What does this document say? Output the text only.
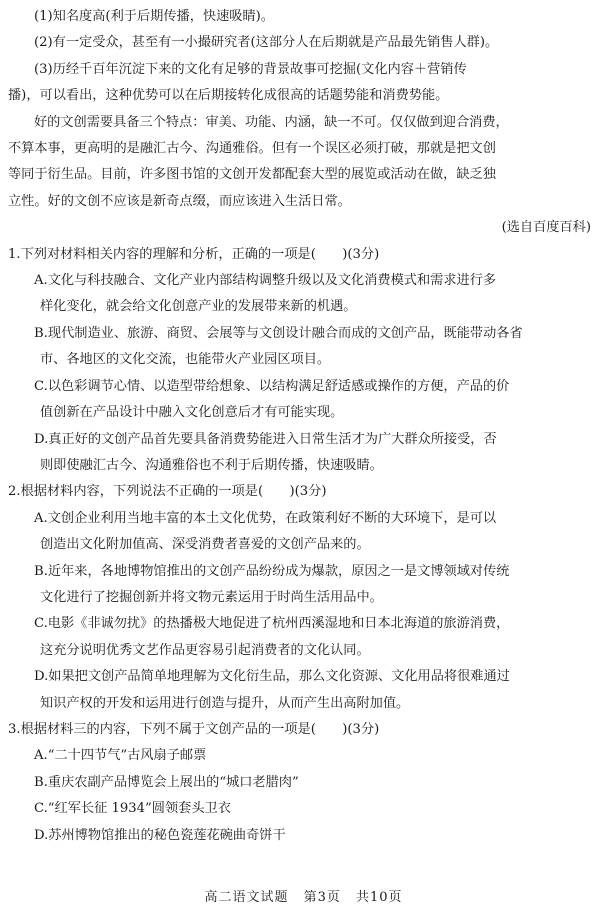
(1)知名度高(利于后期传播，快速吸睛)。
(2)有一定受众，甚至有一小撮研究者(这部分人在后期就是产品最先销售人群)。
(3)历经千百年沉淀下来的文化有足够的背景故事可挖掘(文化内容＋营销传
播)，可以看出，这种优势可以在后期接转化成很高的话题势能和消费势能。
好的文创需要具备三个特点：审美、功能、内涵，缺一不可。仅仅做到迎合消费，
不算本事，更高明的是融汇古今、沟通雅俗。但有一个误区必须打破，那就是把文创
等同于衍生品。目前，许多图书馆的文创开发都配套大型的展览或活动在做，缺乏独
立性。好的文创不应该是新奇点缀，而应该进入生活日常。
(选自百度百科)
1.下列对材料相关内容的理解和分析，正确的一项是(　　)(3分)
A.文化与科技融合、文化产业内部结构调整升级以及文化消费模式和需求进行多
样化变化，就会给文化创意产业的发展带来新的机遇。
B.现代制造业、旅游、商贸、会展等与文创设计融合而成的文创产品，既能带动各省
市、各地区的文化交流，也能带火产业园区项目。
C.以色彩调节心情、以造型带给想象、以结构满足舒适感或操作的方便，产品的价
值创新在产品设计中融入文化创意后才有可能实现。
D.真正好的文创产品首先要具备消费势能进入日常生活才为广大群众所接受，否
则即使融汇古今、沟通雅俗也不利于后期传播，快速吸睛。
2.根据材料内容，下列说法不正确的一项是(　　)(3分)
A.文创企业利用当地丰富的本土文化优势，在政策利好不断的大环境下，是可以
创造出文化附加值高、深受消费者喜爱的文创产品来的。
B.近年来，各地博物馆推出的文创产品纷纷成为爆款，原因之一是文博领域对传统
文化进行了挖掘创新并将文物元素运用于时尚生活用品中。
C.电影《非诚勿扰》的热播极大地促进了杭州西溪湿地和日本北海道的旅游消费，
这充分说明优秀文艺作品更容易引起消费者的文化认同。
D.如果把文创产品简单地理解为文化衍生品，那么文化资源、文化用品将很难通过
知识产权的开发和运用进行创造与提升，从而产生出高附加值。
3.根据材料三的内容，下列不属于文创产品的一项是(　　)(3分)
A.“二十四节气”古风扇子邮票
B.重庆农副产品博览会上展出的“城口老腊肉”
C.“红军长征 1934”圆领套头卫衣
D.苏州博物馆推出的秘色瓷莲花碗曲奇饼干
高二语文试题 第3页 共10页
